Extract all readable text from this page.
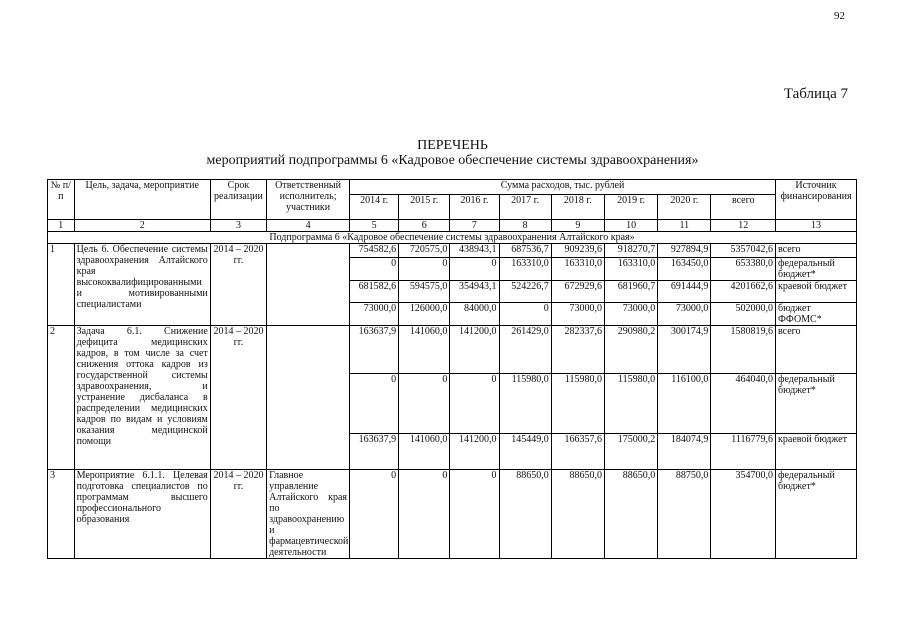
92
Таблица 7
ПЕРЕЧЕНЬ
мероприятий подпрограммы 6 «Кадровое обеспечение системы здравоохранения»
№ п/п	Цель, задача, мероприятие	Срок реализации	Ответственный исполнитель; участники	Сумма расходов, тыс. рублей								Источник финансирования
				2014 г.	2015 г.	2016 г.	2017 г.	2018 г.	2019 г.	2020 г.	всего	
1	2	3	4	5	6	7	8	9	10	11	12	13
Подпрограмма 6 «Кадровое обеспечение системы здравоохранения Алтайского края»												
1	Цель 6. Обеспечение системы здравоохранения Алтайского края высококвалифицированными и мотивированными специалистами	2014 – 2020 гг.		754582,6	720575,0	438943,1	687536,7	909239,6	918270,7	927894,9	5357042,6	всего
				0	0	0	163310,0	163310,0	163310,0	163450,0	653380,0	федеральный бюджет*
				681582,6	594575,0	354943,1	524226,7	672929,6	681960,7	691444,9	4201662,6	краевой бюджет
				73000,0	126000,0	84000,0	0	73000,0	73000,0	73000,0	502000,0	бюджет ФФОМС*
2	Задача 6.1. Снижение дефицита медицинских кадров, в том числе за счет снижения оттока кадров из государственной системы здравоохранения, и устранение дисбаланса в распределении медицинских кадров по видам и условиям оказания медицинской помощи	2014 – 2020 гг.		163637,9	141060,0	141200,0	261429,0	282337,6	290980,2	300174,9	1580819,6	всего
				0	0	0	115980,0	115980,0	115980,0	116100,0	464040,0	федеральный бюджет*
				163637,9	141060,0	141200,0	145449,0	166357,6	175000,2	184074,9	1116779,6	краевой бюджет
3	Мероприятие 6.1.1. Целевая подготовка специалистов по программам высшего профессионального образования	2014 – 2020 гг.	Главное управление Алтайского края по здравоохранению и фармацевтической деятельности	0	0	0	88650,0	88650,0	88650,0	88750,0	354700,0	федеральный бюджет*
